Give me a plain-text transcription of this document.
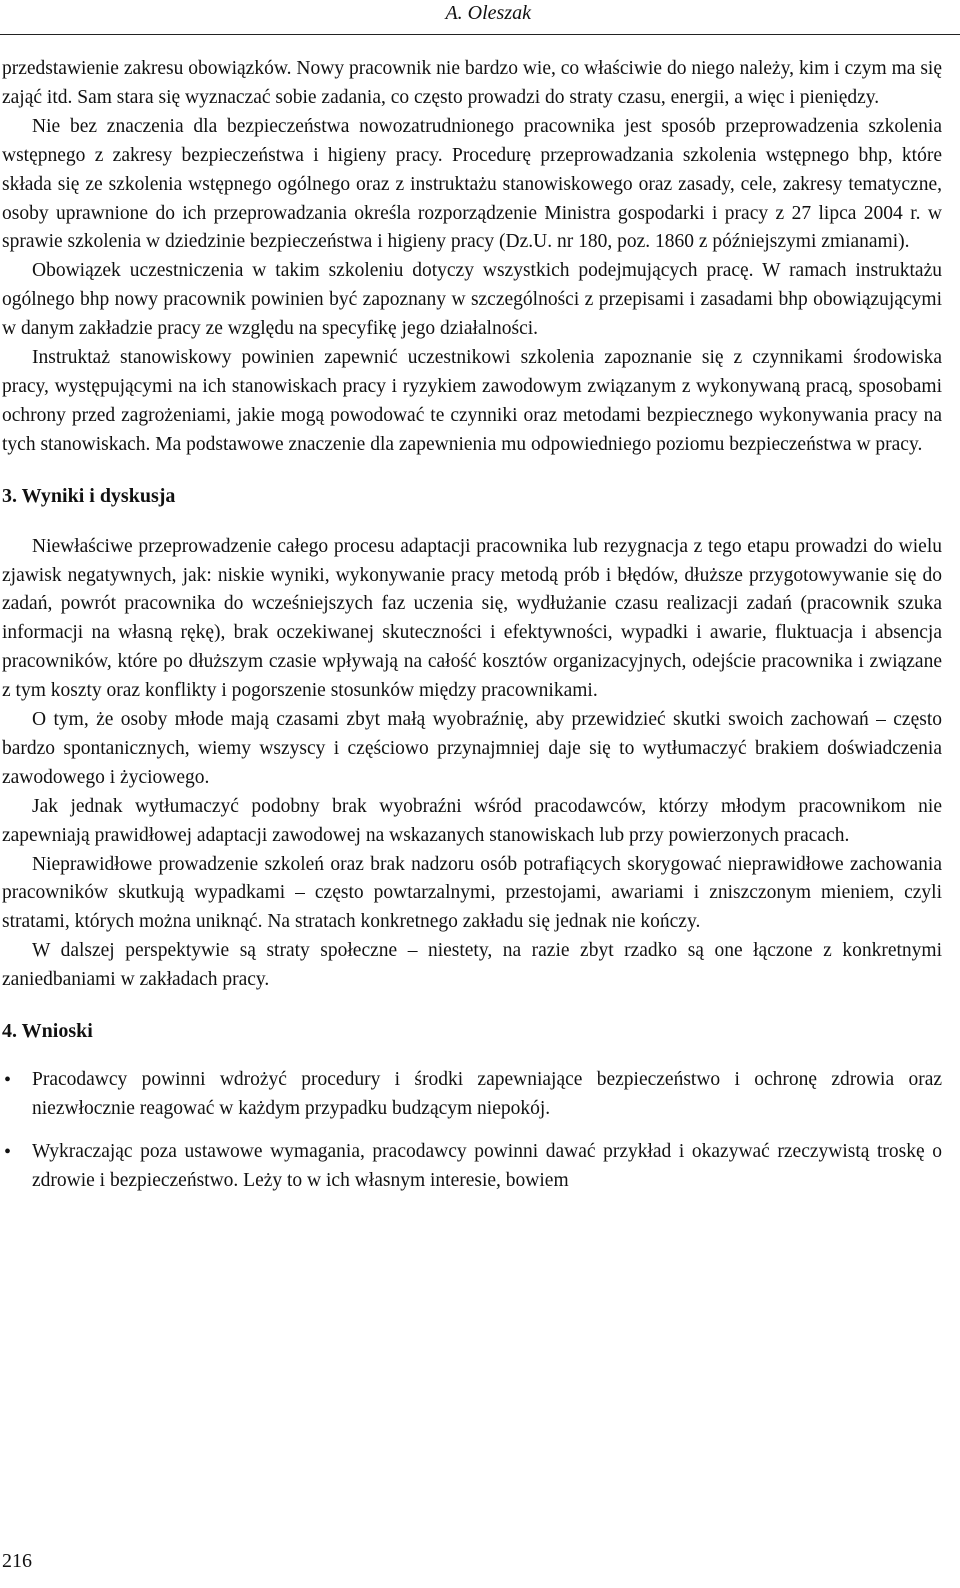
A. Oleszak

przedstawienie zakresu obowiązków. Nowy pracownik nie bardzo wie, co właściwie do niego należy, kim i czym ma się zająć itd. Sam stara się wyznaczać sobie zadania, co często prowadzi do straty czasu, energii, a więc i pieniędzy.

Nie bez znaczenia dla bezpieczeństwa nowozatrudnionego pracownika jest sposób przeprowadzenia szkolenia wstępnego z zakresy bezpieczeństwa i higieny pracy. Procedurę przeprowadzania szkolenia wstępnego bhp, które składa się ze szkolenia wstępnego ogólnego oraz z instruktażu stanowiskowego oraz zasady, cele, zakresy tematyczne, osoby uprawnione do ich przeprowadzania określa rozporządzenie Ministra gospodarki i pracy z 27 lipca 2004 r. w sprawie szkolenia w dziedzinie bezpieczeństwa i higieny pracy (Dz.U. nr 180, poz. 1860 z późniejszymi zmianami).

Obowiązek uczestniczenia w takim szkoleniu dotyczy wszystkich podejmujących pracę. W ramach instruktażu ogólnego bhp nowy pracownik powinien być zapoznany w szczególności z przepisami i zasadami bhp obowiązującymi w danym zakładzie pracy ze względu na specyfikę jego działalności.

Instruktaż stanowiskowy powinien zapewnić uczestnikowi szkolenia zapoznanie się z czynnikami środowiska pracy, występującymi na ich stanowiskach pracy i ryzykiem zawodowym związanym z wykonywaną pracą, sposobami ochrony przed zagrożeniami, jakie mogą powodować te czynniki oraz metodami bezpiecznego wykonywania pracy na tych stanowiskach. Ma podstawowe znaczenie dla zapewnienia mu odpowiedniego poziomu bezpieczeństwa w pracy.

3. Wyniki i dyskusja

Niewłaściwe przeprowadzenie całego procesu adaptacji pracownika lub rezygnacja z tego etapu prowadzi do wielu zjawisk negatywnych, jak: niskie wyniki, wykonywanie pracy metodą prób i błędów, dłuższe przygotowywanie się do zadań, powrót pracownika do wcześniejszych faz uczenia się, wydłużanie czasu realizacji zadań (pracownik szuka informacji na własną rękę), brak oczekiwanej skuteczności i efektywności, wypadki i awarie, fluktuacja i absencja pracowników, które po dłuższym czasie wpływają na całość kosztów organizacyjnych, odejście pracownika i związane z tym koszty oraz konflikty i pogorszenie stosunków między pracownikami.

O tym, że osoby młode mają czasami zbyt małą wyobraźnię, aby przewidzieć skutki swoich zachowań – często bardzo spontanicznych, wiemy wszyscy i częściowo przynajmniej daje się to wytłumaczyć brakiem doświadczenia zawodowego i życiowego.

Jak jednak wytłumaczyć podobny brak wyobraźni wśród pracodawców, którzy młodym pracownikom nie zapewniają prawidłowej adaptacji zawodowej na wskazanych stanowiskach lub przy powierzonych pracach.

Nieprawidłowe prowadzenie szkoleń oraz brak nadzoru osób potrafiących skorygować nieprawidłowe zachowania pracowników skutkują wypadkami – często powtarzalnymi, przestojami, awariami i zniszczonym mieniem, czyli stratami, których można uniknąć. Na stratach konkretnego zakładu się jednak nie kończy.

W dalszej perspektywie są straty społeczne – niestety, na razie zbyt rzadko są one łączone z konkretnymi zaniedbaniami w zakładach pracy.

4. Wnioski
• Pracodawcy powinni wdrożyć procedury i środki zapewniające bezpieczeństwo i ochronę zdrowia oraz niezwłocznie reagować w każdym przypadku budzącym niepokój.
• Wykraczając poza ustawowe wymagania, pracodawcy powinni dawać przykład i okazywać rzeczywistą troskę o zdrowie i bezpieczeństwo. Leży to w ich własnym interesie, bowiem
216
